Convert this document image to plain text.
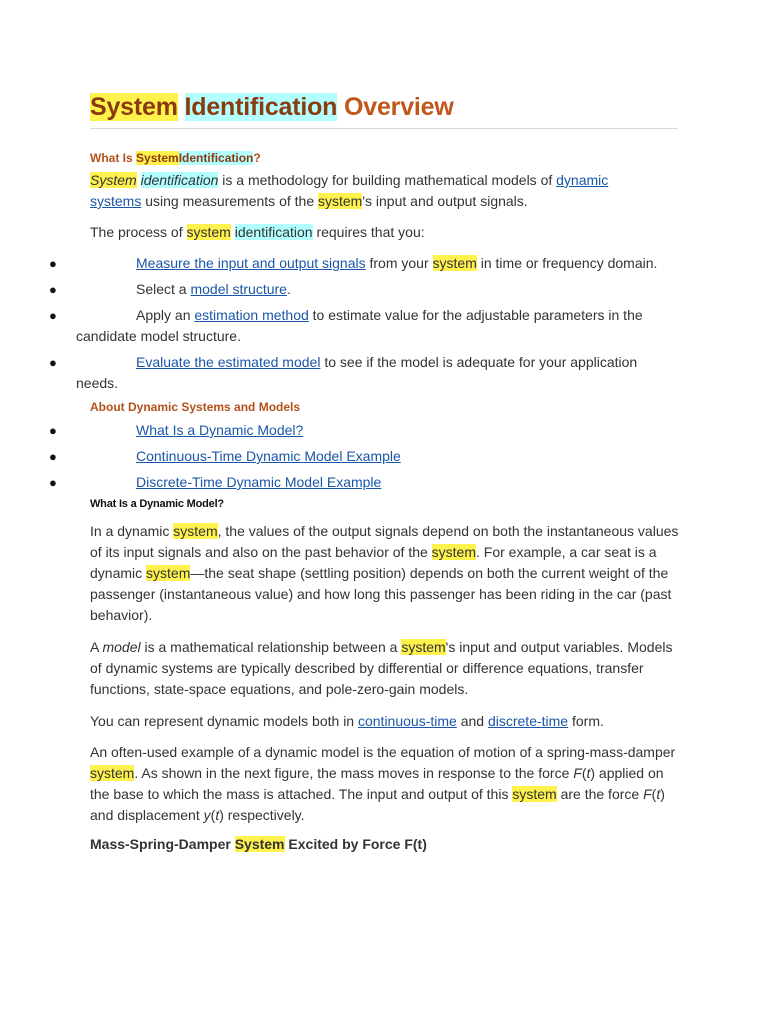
System Identification Overview
What Is SystemIdentification?

System identification is a methodology for building mathematical models of dynamic systems using measurements of the system's input and output signals.

The process of system identification requires that you:

●	Measure the input and output signals from your system in time or frequency domain.
●	Select a model structure.
●	Apply an estimation method to estimate value for the adjustable parameters in the candidate model structure.
●	Evaluate the estimated model to see if the model is adequate for your application needs.
About Dynamic Systems and Models
●	What Is a Dynamic Model?
●	Continuous-Time Dynamic Model Example
●	Discrete-Time Dynamic Model Example
What Is a Dynamic Model?

In a dynamic system, the values of the output signals depend on both the instantaneous values of its input signals and also on the past behavior of the system. For example, a car seat is a dynamic system—the seat shape (settling position) depends on both the current weight of the passenger (instantaneous value) and how long this passenger has been riding in the car (past behavior).

A model is a mathematical relationship between a system's input and output variables. Models of dynamic systems are typically described by differential or difference equations, transfer functions, state-space equations, and pole-zero-gain models.

You can represent dynamic models both in continuous-time and discrete-time form.

An often-used example of a dynamic model is the equation of motion of a spring-mass-damper system. As shown in the next figure, the mass moves in response to the force F(t) applied on the base to which the mass is attached. The input and output of this system are the force F(t) and displacement y(t) respectively.

Mass-Spring-Damper System Excited by Force F(t)
